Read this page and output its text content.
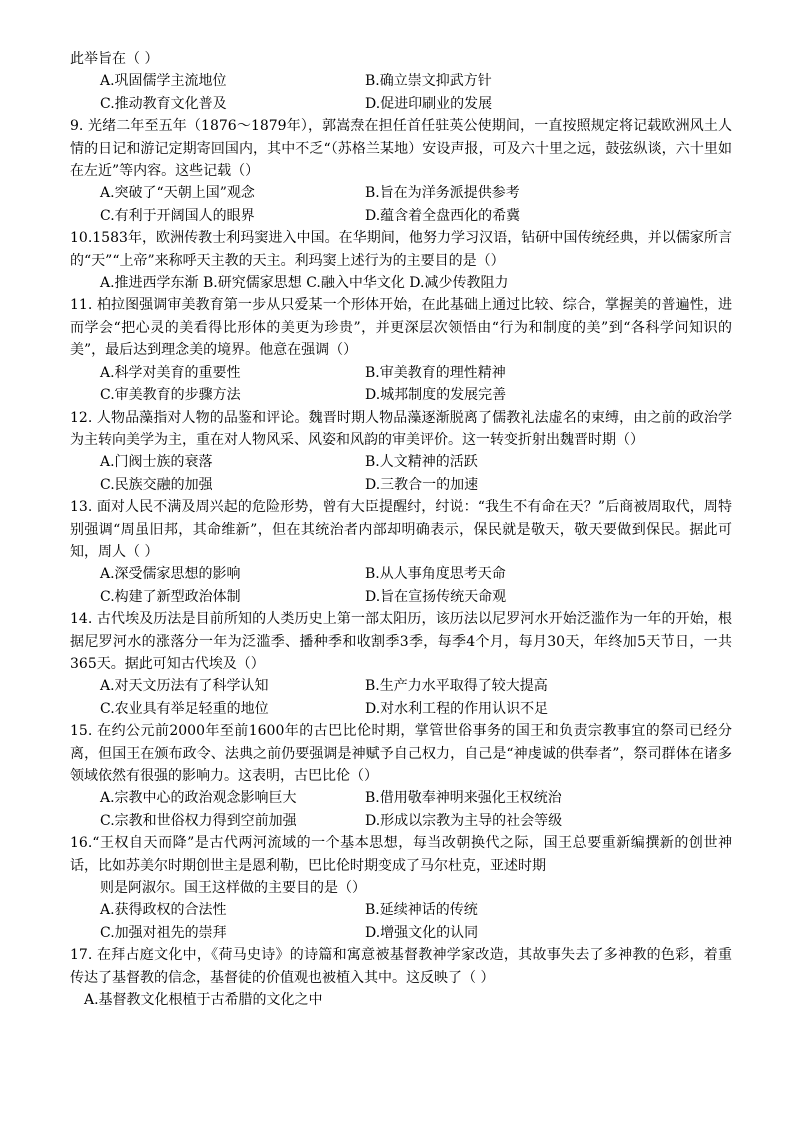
此举旨在（ ）

A.巩固儒学主流地位	B.确立崇文抑武方针
C.推动教育文化普及	D.促进印刷业的发展

9. 光绪二年至五年（1876～1879年），郭嵩焘在担任首任驻英公使期间，一直按照规定将记载欧洲风土人情的日记和游记定期寄回国内，其中不乏“（苏格兰某地）安设声报，可及六十里之远，鼓弦纵谈，六十里如在左近”等内容。这些记载（）

A.突破了“天朝上国”观念	B.旨在为洋务派提供参考
C.有利于开阔国人的眼界	D.蕴含着全盘西化的希冀

10.1583年，欧洲传教士利玛窦进入中国。在华期间，他努力学习汉语，钻研中国传统经典，并以儒家所言的“天”“上帝”来称呼天主教的天主。利玛窦上述行为的主要目的是（）

A.推进西学东渐 B.研究儒家思想 C.融入中华文化 D.减少传教阻力

11. 柏拉图强调审美教育第一步从只爱某一个形体开始，在此基础上通过比较、综合，掌握美的普遍性，进而学会“把心灵的美看得比形体的美更为珍贵”，并更深层次领悟由“行为和制度的美”到“各科学问知识的美”，最后达到理念美的境界。他意在强调（）

A.科学对美育的重要性	B.审美教育的理性精神
C.审美教育的步骤方法	D.城邦制度的发展完善

12. 人物品藻指对人物的品鉴和评论。魏晋时期人物品藻逐渐脱离了儒教礼法虚名的束缚，由之前的政治学为主转向美学为主，重在对人物风采、风姿和风韵的审美评价。这一转变折射出魏晋时期（）

A.门阀士族的衰落	B.人文精神的活跃
C.民族交融的加强	D.三教合一的加速

13. 面对人民不满及周兴起的危险形势，曾有大臣提醒纣，纣说：“我生不有命在天？”后商被周取代，周特别强调“周虽旧邦，其命维新”，但在其统治者内部却明确表示，保民就是敬天，敬天要做到保民。据此可知，周人（ ）

A.深受儒家思想的影响	B.从人事角度思考天命
C.构建了新型政治体制	D.旨在宣扬传统天命观

14. 古代埃及历法是目前所知的人类历史上第一部太阳历，该历法以尼罗河水开始泛滥作为一年的开始，根据尼罗河水的涨落分一年为泛滥季、播种季和收割季3季，每季4个月，每月30天，年终加5天节日，一共365天。据此可知古代埃及（）

A.对天文历法有了科学认知	B.生产力水平取得了较大提高
C.农业具有举足轻重的地位	D.对水利工程的作用认识不足

15. 在约公元前2000年至前1600年的古巴比伦时期，掌管世俗事务的国王和负责宗教事宜的祭司已经分离，但国王在颁布政令、法典之前仍要强调是神赋予自己权力，自己是“神虔诚的供奉者”，祭司群体在诸多领域依然有很强的影响力。这表明，古巴比伦（）

A.宗教中心的政治观念影响巨大	B.借用敬奉神明来强化王权统治
C.宗教和世俗权力得到空前加强	D.形成以宗教为主导的社会等级

16.“王权自天而降”是古代两河流域的一个基本思想，每当改朝换代之际，国王总要重新编撰新的创世神话，比如苏美尔时期创世主是恩利勒，巴比伦时期变成了马尔杜克，亚述时期
则是阿淑尔。国王这样做的主要目的是（）

A.获得政权的合法性	B.延续神话的传统
C.加强对祖先的崇拜	D.增强文化的认同

17. 在拜占庭文化中，《荷马史诗》的诗篇和寓意被基督教神学家改造，其故事失去了多神教的色彩，着重传达了基督教的信念，基督徒的价值观也被植入其中。这反映了（ ）

A.基督教文化根植于古希腊的文化之中
